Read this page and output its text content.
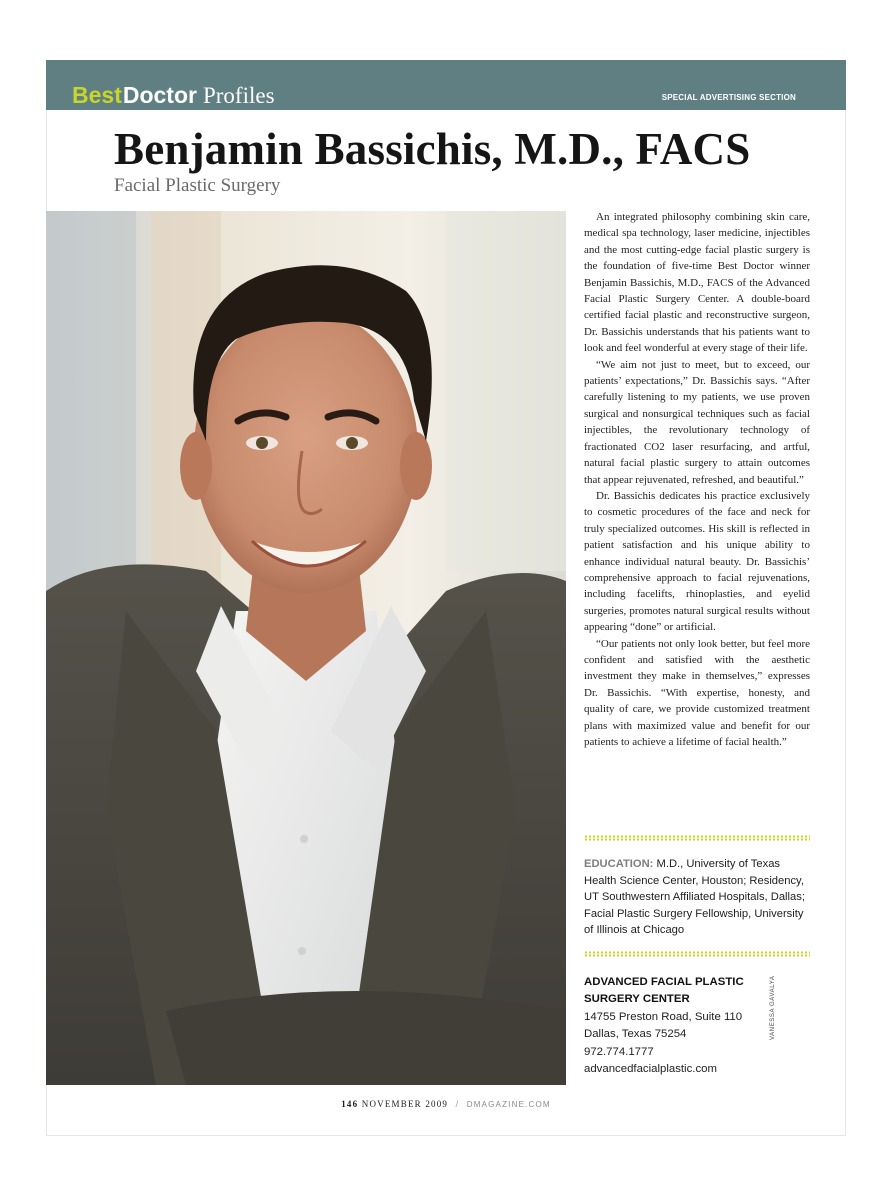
BestDoctor Profiles	SPECIAL ADVERTISING SECTION
Benjamin Bassichis, M.D., FACS
Facial Plastic Surgery

An integrated philosophy combining skin care, medical spa technology, laser medicine, injectibles and the most cutting-edge facial plastic surgery is the foundation of five-time Best Doctor winner Benjamin Bassichis, M.D., FACS of the Advanced Facial Plastic Surgery Center. A double-board certified facial plastic and reconstructive surgeon, Dr. Bassichis understands that his patients want to look and feel wonderful at every stage of their life.

“We aim not just to meet, but to exceed, our patients’ expectations,” Dr. Bassichis says. “After carefully listening to my patients, we use proven surgical and nonsurgical techniques such as facial injectibles, the revolutionary technology of fractionated CO2 laser resurfacing, and artful, natural facial plastic surgery to attain outcomes that appear rejuvenated, refreshed, and beautiful.”

Dr. Bassichis dedicates his practice exclusively to cosmetic procedures of the face and neck for truly specialized outcomes. His skill is reflected in patient satisfaction and his unique ability to enhance individual natural beauty. Dr. Bassichis’ comprehensive approach to facial rejuvenations, including facelifts, rhinoplasties, and eyelid surgeries, promotes natural surgical results without appearing “done” or artificial.

“Our patients not only look better, but feel more confident and satisfied with the aesthetic investment they make in themselves,” expresses Dr. Bassichis. “With expertise, honesty, and quality of care, we provide customized treatment plans with maximized value and benefit for our patients to achieve a lifetime of facial health.”

EDUCATION: M.D., University of Texas Health Science Center, Houston; Residency, UT Southwestern Affiliated Hospitals, Dallas; Facial Plastic Surgery Fellowship, University of Illinois at Chicago
ADVANCED FACIAL PLASTIC
SURGERY CENTER
14755 Preston Road, Suite 110
Dallas, Texas 75254
972.774.1777
advancedfacialplastic.com
VANESSA GAVALYA
146 NOVEMBER 2009 / DMAGAZINE.COM
